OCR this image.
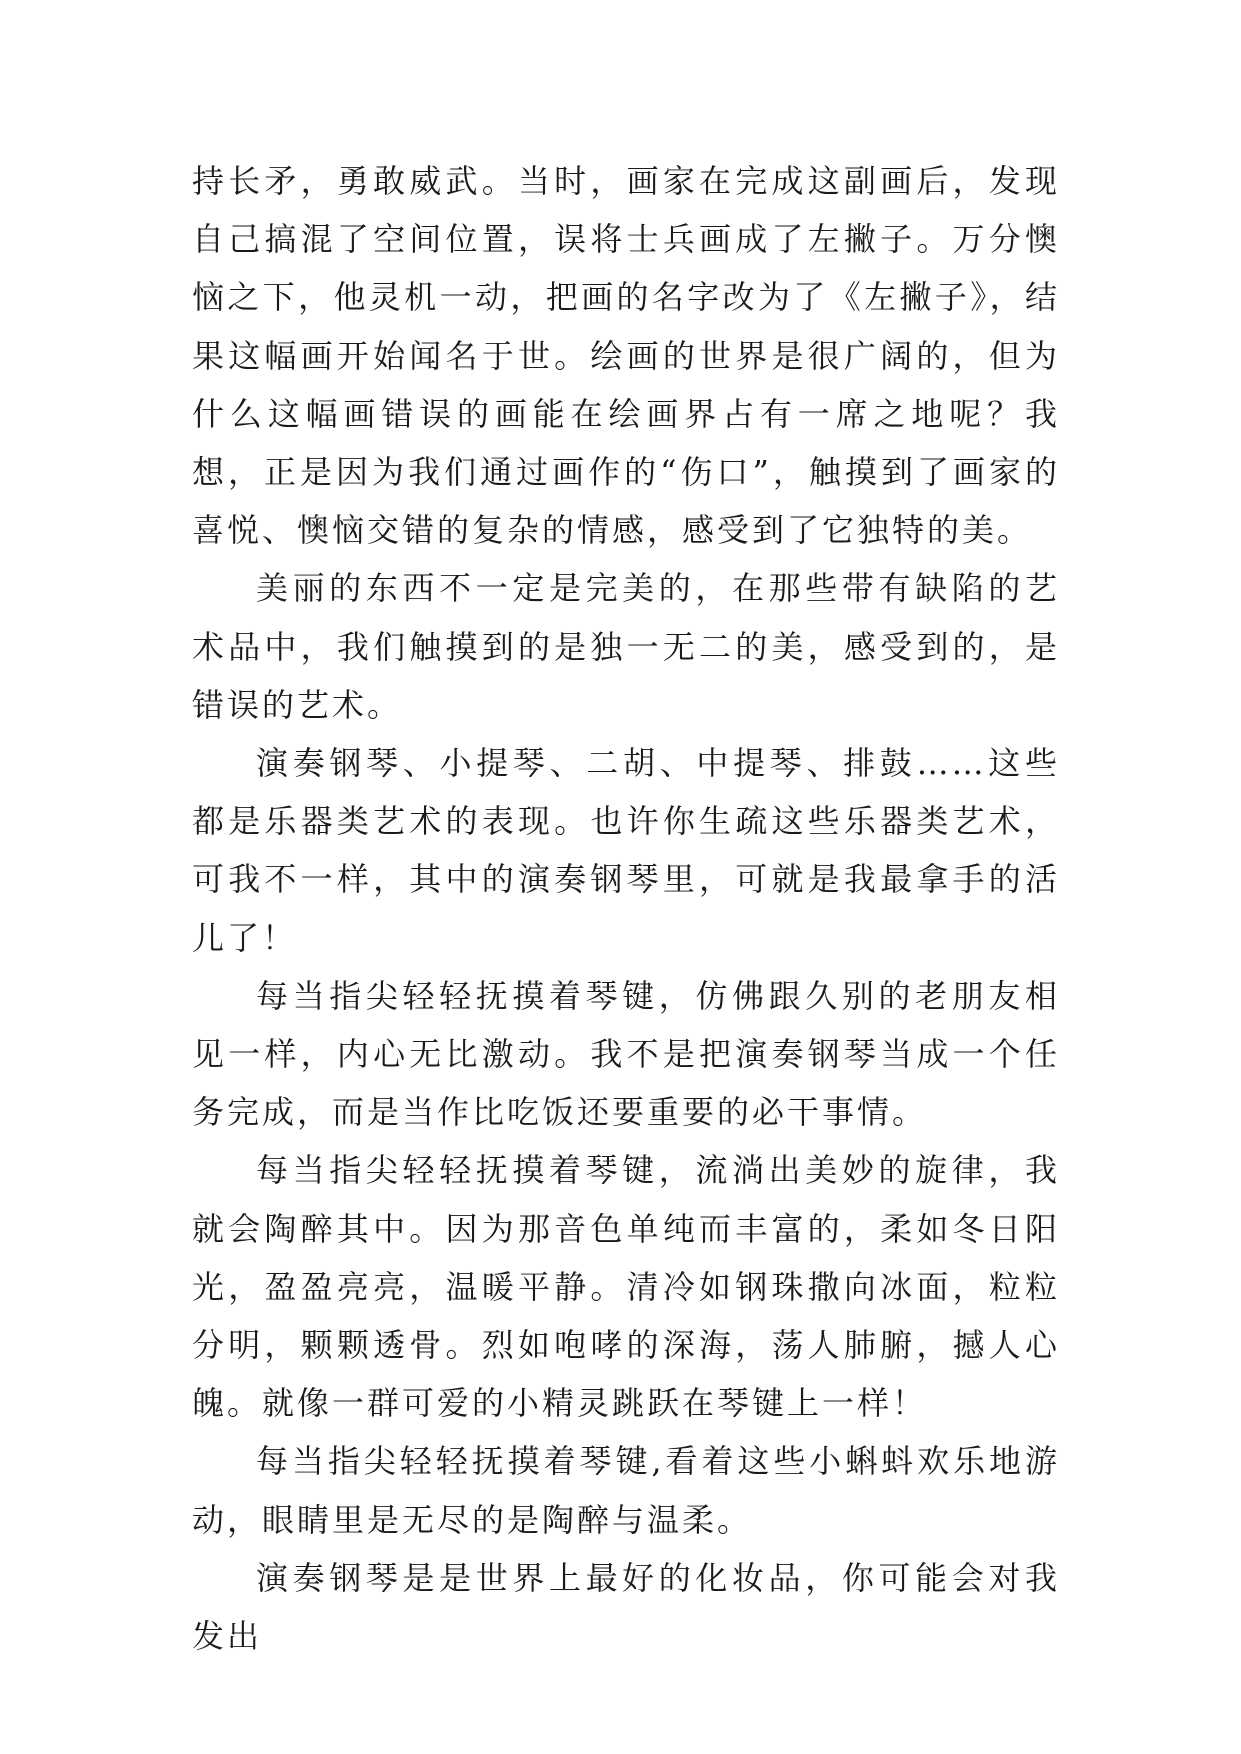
持长矛，勇敢威武。当时，画家在完成这副画后，发现自己搞混了空间位置，误将士兵画成了左撇子。万分懊恼之下，他灵机一动，把画的名字改为了《左撇子》，结果这幅画开始闻名于世。绘画的世界是很广阔的，但为什么这幅画错误的画能在绘画界占有一席之地呢？我想，正是因为我们通过画作的“伤口”，触摸到了画家的喜悦、懊恼交错的复杂的情感，感受到了它独特的美。

美丽的东西不一定是完美的，在那些带有缺陷的艺术品中，我们触摸到的是独一无二的美，感受到的，是错误的艺术。

演奏钢琴、小提琴、二胡、中提琴、排鼓……这些都是乐器类艺术的表现。也许你生疏这些乐器类艺术，可我不一样，其中的演奏钢琴里，可就是我最拿手的活儿了！

每当指尖轻轻抚摸着琴键，仿佛跟久别的老朋友相见一样，内心无比激动。我不是把演奏钢琴当成一个任务完成，而是当作比吃饭还要重要的必干事情。

每当指尖轻轻抚摸着琴键，流淌出美妙的旋律，我就会陶醉其中。因为那音色单纯而丰富的，柔如冬日阳光，盈盈亮亮，温暖平静。清冷如钢珠撒向冰面，粒粒分明，颗颗透骨。烈如咆哮的深海，荡人肺腑，撼人心魄。就像一群可爱的小精灵跳跃在琴键上一样！

每当指尖轻轻抚摸着琴键,看着这些小蝌蚪欢乐地游动，眼睛里是无尽的是陶醉与温柔。

演奏钢琴是是世界上最好的化妆品，你可能会对我发出
